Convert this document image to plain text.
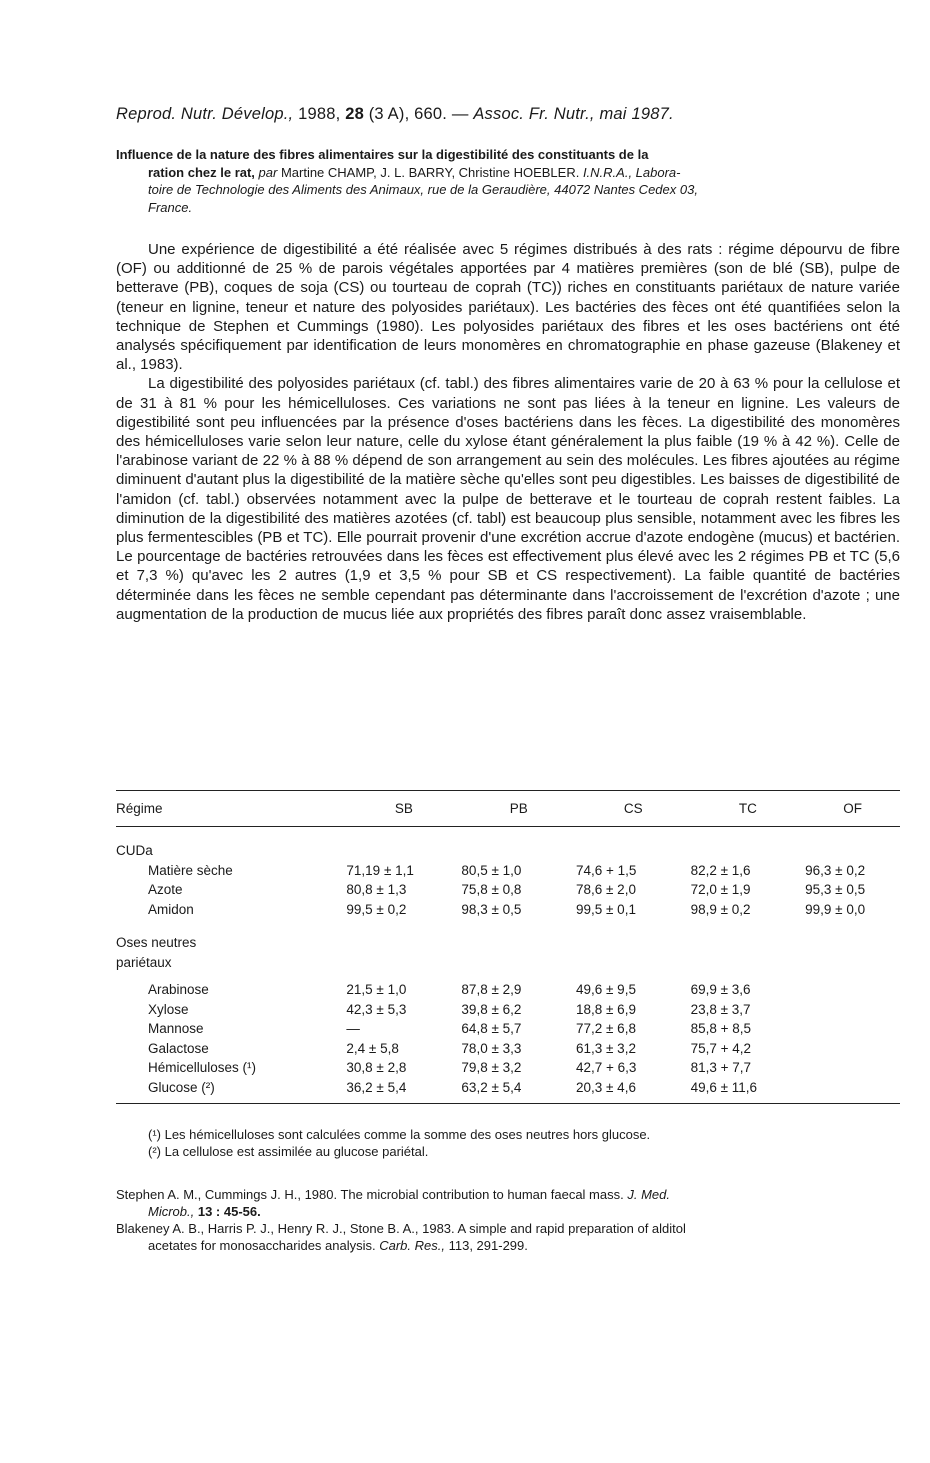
Reprod. Nutr. Dévelop., 1988, 28 (3 A), 660. — Assoc. Fr. Nutr., mai 1987.
Influence de la nature des fibres alimentaires sur la digestibilité des constituants de la
ration chez le rat, par Martine CHAMP, J. L. BARRY, Christine HOEBLER. I.N.R.A., Labora-
toire de Technologie des Aliments des Animaux, rue de la Geraudière, 44072 Nantes Cedex 03,
France.

Une expérience de digestibilité a été réalisée avec 5 régimes distribués à des rats : régime dépourvu de fibre (OF) ou additionné de 25 % de parois végétales apportées par 4 matières premières (son de blé (SB), pulpe de betterave (PB), coques de soja (CS) ou tourteau de coprah (TC)) riches en constituants pariétaux de nature variée (teneur en lignine, teneur et nature des polyosides pariétaux). Les bactéries des fèces ont été quantifiées selon la technique de Stephen et Cummings (1980). Les polyosides pariétaux des fibres et les oses bactériens ont été analysés spécifiquement par identification de leurs monomères en chromatographie en phase gazeuse (Blakeney et al., 1983).

La digestibilité des polyosides pariétaux (cf. tabl.) des fibres alimentaires varie de 20 à 63 % pour la cellulose et de 31 à 81 % pour les hémicelluloses. Ces variations ne sont pas liées à la teneur en lignine. Les valeurs de digestibilité sont peu influencées par la présence d'oses bactériens dans les fèces. La digestibilité des monomères des hémicelluloses varie selon leur nature, celle du xylose étant généralement la plus faible (19 % à 42 %). Celle de l'arabinose variant de 22 % à 88 % dépend de son arrangement au sein des molécules. Les fibres ajoutées au régime diminuent d'autant plus la digestibilité de la matière sèche qu'elles sont peu digestibles. Les baisses de digestibilité de l'amidon (cf. tabl.) observées notamment avec la pulpe de betterave et le tourteau de coprah restent faibles. La diminution de la digestibilité des matières azotées (cf. tabl) est beaucoup plus sensible, notamment avec les fibres les plus fermentescibles (PB et TC). Elle pourrait provenir d'une excrétion accrue d'azote endogène (mucus) et bactérien. Le pourcentage de bactéries retrouvées dans les fèces est effectivement plus élevé avec les 2 régimes PB et TC (5,6 et 7,3 %) qu'avec les 2 autres (1,9 et 3,5 % pour SB et CS respectivement). La faible quantité de bactéries déterminée dans les fèces ne semble cependant pas déterminante dans l'accroissement de l'excrétion d'azote ; une augmentation de la production de mucus liée aux propriétés des fibres paraît donc assez vraisemblable.

Régime	SB	PB	CS	TC	OF

CUDa					
Matière sèche	71,19 ± 1,1	80,5 ± 1,0	74,6 + 1,5	82,2 ± 1,6	96,3 ± 0,2
Azote	80,8 ± 1,3	75,8 ± 0,8	78,6 ± 2,0	72,0 ± 1,9	95,3 ± 0,5
Amidon	99,5 ± 0,2	98,3 ± 0,5	99,5 ± 0,1	98,9 ± 0,2	99,9 ± 0,0

Oses neutres					
pariétaux					

Arabinose	21,5 ± 1,0	87,8 ± 2,9	49,6 ± 9,5	69,9 ± 3,6	
Xylose	42,3 ± 5,3	39,8 ± 6,2	18,8 ± 6,9	23,8 ± 3,7	
Mannose	—	64,8 ± 5,7	77,2 ± 6,8	85,8 + 8,5	
Galactose	2,4 ± 5,8	78,0 ± 3,3	61,3 ± 3,2	75,7 + 4,2	
Hémicelluloses (¹)	30,8 ± 2,8	79,8 ± 3,2	42,7 + 6,3	81,3 + 7,7	
Glucose (²)	36,2 ± 5,4	63,2 ± 5,4	20,3 ± 4,6	49,6 ± 11,6	
(¹) Les hémicelluloses sont calculées comme la somme des oses neutres hors glucose.
(²) La cellulose est assimilée au glucose pariétal.
Stephen A. M., Cummings J. H., 1980. The microbial contribution to human faecal mass. J. Med.
Microb., 13 : 45-56.
Blakeney A. B., Harris P. J., Henry R. J., Stone B. A., 1983. A simple and rapid preparation of alditol
acetates for monosaccharides analysis. Carb. Res., 113, 291-299.
